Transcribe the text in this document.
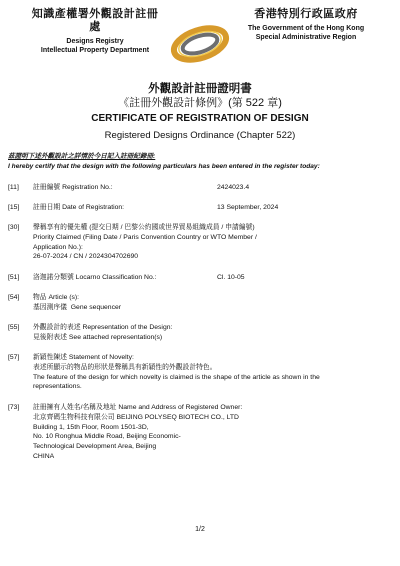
知識產權署外觀設計註冊處
Designs Registry
Intellectual Property Department
香港特別行政區政府
The Government of the Hong Kong
Special Administrative Region
外觀設計註冊證明書
《註冊外觀設計條例》(第 522 章)
CERTIFICATE OF REGISTRATION OF DESIGN
Registered Designs Ordinance (Chapter 522)
茲證明下述外觀設計之詳情於今日記入註冊紀錄冊:
I hereby certify that the design with the following particulars has been entered in the register today:
[11] 註冊編號 Registration No.:	2424023.4
[15] 註冊日期 Date of Registration:	13 September, 2024
[30] 聲稱享有的優先權 (提交日期 / 巴黎公約國或世界貿易組織成員 / 申請編號)
Priority Claimed (Filing Date / Paris Convention Country or WTO Member /
Application No.):
26-07-2024 / CN / 2024304702690
[51] 洛迦諾分類號 Locarno Classification No.:	Cl. 10-05
[54] 物品 Article (s):
基因測序儀 Gene sequencer
[55] 外觀設計的表述 Representation of the Design:
見後附表述 See attached representation(s)
[57] 新穎性陳述 Statement of Novelty:
表述所顯示的物品的形狀是聲稱具有新穎性的外觀設計特色。
The feature of the design for which novelty is claimed is the shape of the article as shown in the
representations.
[73] 註冊擁有人姓名/名稱及地址 Name and Address of Registered Owner:
北京齊碼生物科技有限公司 BEIJING POLYSEQ BIOTECH CO., LTD
Building 1, 15th Floor, Room 1501-3D,
No. 10 Ronghua Middle Road, Beijing Economic-
Technological Development Area, Beijing
CHINA
1/2
